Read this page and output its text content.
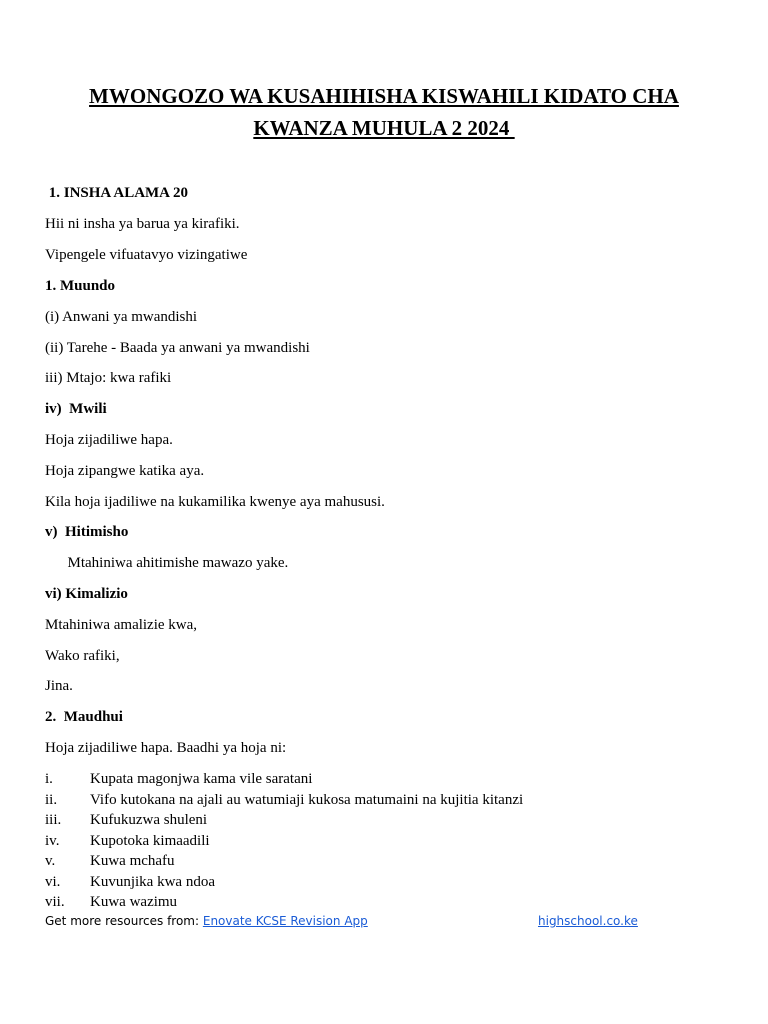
MWONGOZO WA KUSAHIHISHA KISWAHILI KIDATO CHA
KWANZA MUHULA 2 2024
1. INSHA ALAMA 20
Hii ni insha ya barua ya kirafiki.
Vipengele vifuatavyo vizingatiwe
1. Muundo
(i) Anwani ya mwandishi
(ii) Tarehe - Baada ya anwani ya mwandishi
iii) Mtajo: kwa rafiki
iv)  Mwili
Hoja zijadiliwe hapa.
Hoja zipangwe katika aya.
Kila hoja ijadiliwe na kukamilika kwenye aya mahususi.
v)  Hitimisho
Mtahiniwa ahitimishe mawazo yake.
vi) Kimalizio
Mtahiniwa amalizie kwa,
Wako rafiki,
Jina.
2.  Maudhui
Hoja zijadiliwe hapa. Baadhi ya hoja ni:
i.	Kupata magonjwa kama vile saratani
ii.	Vifo kutokana na ajali au watumiaji kukosa matumaini na kujitia kitanzi
iii.	Kufukuzwa shuleni
iv.	Kupotoka kimaadili
v.	Kuwa mchafu
vi.	Kuvunjika kwa ndoa
vii.	Kuwa wazimu
Get more resources from: Enovate KCSE Revision App	highschool.co.ke
